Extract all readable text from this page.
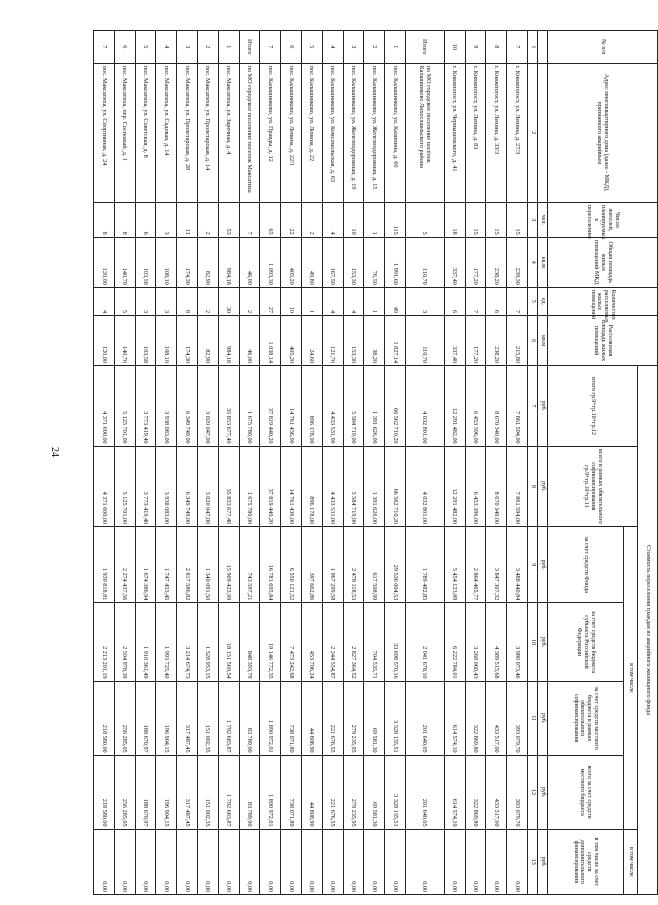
24
№ п/п	Адрес многоквартирного дома (далее - МКД), признанного аварийным	Число жителей, планируемых к переселению	Общая площадь жилых помещений МКД	Количество расселяемых жилых помещений	Расселяемая площадь жилых помещений	Стоимость переселения граждан из аварийного жилищного фонда						
						итого гр.9+гр.10+гр.12	всего в рамках обязательного софинансирования гр.9+гр.10+гр.11	в том числе				в том числе
								за счет средств Фонда	за счет средств бюджета субъекта Российской Федерации	за счет средств местного бюджета в рамках обязательного софинансирования	всего за счет средств местного бюджета	в том числе за счет средств дополнительного финансирования
		чел.	кв.м	ед.	кв.м	руб.	руб.	руб.	руб.	руб.	руб.	руб.
1	2	3	4	5	6	7	8	9	10	11	12	13
7	г. Княжпогост, ул. Ленина, д. 27/3	15	239,30	7	215,80	7 861 594,00	7 861 594,00	3 488 440,84	3 980 073,46	393 079,70	393 079,70	0,00
8	г. Княжпогост, ул. Ленина, д. 33/3	15	238,20	6	238,20	8 670 340,00	8 670 340,00	3 847 307,32	4 389 515,68	433 517,00	433 517,00	0,00
9	г. Княжпогост, ул. Ленина, д. 83	15	177,20	7	177,20	6 453 396,00	6 453 396,00	2 864 465,77	3 268 060,43	322 869,80	322 869,80	0,00
10	г. Княжпогост, ул. Чернышевского, д. 41	18	337,40	6	337,40	12 291 482,00	12 291 482,00	5 454 123,89	6 222 784,01	614 574,10	614 574,10	0,00
Итого	по МО городское поселение посёлок Калашниково Лихославльского района	5	110,70	3	110,70	4 032 801,00	4 032 801,00	1 789 482,85	2 041 678,10	201 640,05	201 640,05	0,00
1	пос. Калашниково, ул. Калинина, д. 60	115	1 991,60	49	1 827,14	66 562 710,20	66 562 710,20	29 536 004,53	33 698 570,16	3 328 135,51	3 328 135,51	0,00
2	пос. Калашниково, ул. Железнодорожная, д. 15	1	76,50	1	38,20	1 391 626,00	1 391 626,00	617 508,99	704 535,71	69 581,30	69 581,30	0,00
3	пос. Калашниково, ул. Железнодорожная, д. 19	10	153,30	4	153,30	5 584 719,00	5 584 719,00	2 478 118,53	2 827 364,52	279 235,95	279 235,95	0,00
4	пос. Калашниково, ул. Комсомольская, д. 63	4	167,50	4	121,70	4 433 531,00	4 433 531,00	1 967 299,58	2 244 554,87	221 676,55	221 676,55	0,00
5	пос. Калашниково, ул. Ленина, д. 22	2	49,80	1	24,60	896 178,00	896 178,00	397 662,86	453 706,24	44 808,90	44 808,90	0,00
6	пос. Калашниково, ул. Ленина, д. 22/1	22	405,20	10	405,20	14 761 436,00	14 761 436,00	6 550 121,52	7 473 242,68	738 071,80	738 071,80	0,00
7	пос. Калашниково, ул. Правды, д. 12	65	1 093,30	27	1 038,14	37 819 440,20	37 819 440,20	16 781 695,84	19 146 772,35	1 890 972,01	1 890 972,01	0,00
Итого	по МО городское поселение поселок Максатиха	7	46,00	2	46,00	1 675 780,00	1 675 780,00	743 597,21	848 393,79	83 789,00	83 789,00	0,00
1	пос. Максатиха, ул. Заречная, д. 4	53	984,18	30	984,18	35 853 677,40	35 853 677,40	15 909 423,99	18 151 569,54	1 792 683,87	1 792 683,87	0,00
2	пос. Максатиха, ул. Пролетарская, д. 14	2	82,90	2	82,90	3 020 047,00	3 020 047,00	1 340 091,50	1 528 953,15	151 002,35	151 002,35	0,00
3	пос. Максатиха, ул. Пролетарская, д. 28	11	174,30	8	174,30	6 349 749,00	6 349 749,00	2 817 586,82	3 214 674,73	317 487,45	317 487,45	0,00
4	пос. Максатиха, ул. Садовая, д. 14	3	108,10	3	108,10	3 938 083,00	3 938 083,00	1 747 453,45	1 993 725,40	196 904,15	196 904,15	0,00
5	пос. Максатиха, ул. Советская, д. 8	6	103,58	3	103,58	3 773 419,40	3 773 419,40	1 674 386,94	1 910 361,49	188 670,97	188 670,97	0,00
6	пос. Максатиха, пер. Сосновый, д. 1	8	140,70	5	140,70	5 125 701,00	5 125 701,00	2 274 437,56	2 594 978,39	256 285,05	256 285,05	0,00
7	пос. Максатиха, ул. Спортивная, д. 24	8	120,00	4	120,00	4 371 600,00	4 371 600,00	1 939 818,81	2 213 201,19	218 580,00	218 580,00	0,00
